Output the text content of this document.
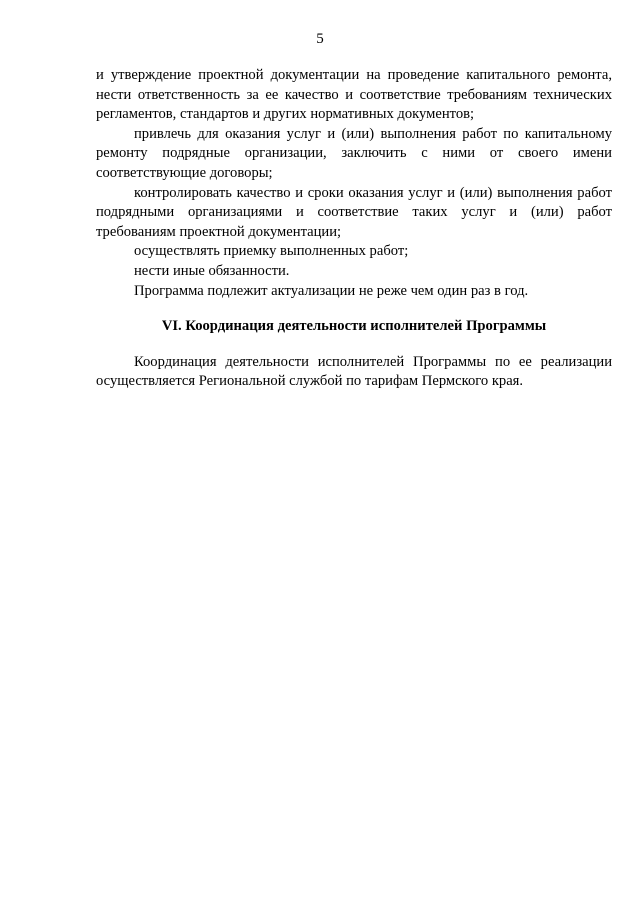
5

и утверждение проектной документации на проведение капитального ремонта, нести ответственность за ее качество и соответствие требованиям технических регламентов, стандартов и других нормативных документов;

привлечь для оказания услуг и (или) выполнения работ по капитальному ремонту подрядные организации, заключить с ними от своего имени соответствующие договоры;

контролировать качество и сроки оказания услуг и (или) выполнения работ подрядными организациями и соответствие таких услуг и (или) работ требованиям проектной документации;

осуществлять приемку выполненных работ;

нести иные обязанности.

Программа подлежит актуализации не реже чем один раз в год.

VI. Координация деятельности исполнителей Программы

Координация деятельности исполнителей Программы по ее реализации осуществляется Региональной службой по тарифам Пермского края.
